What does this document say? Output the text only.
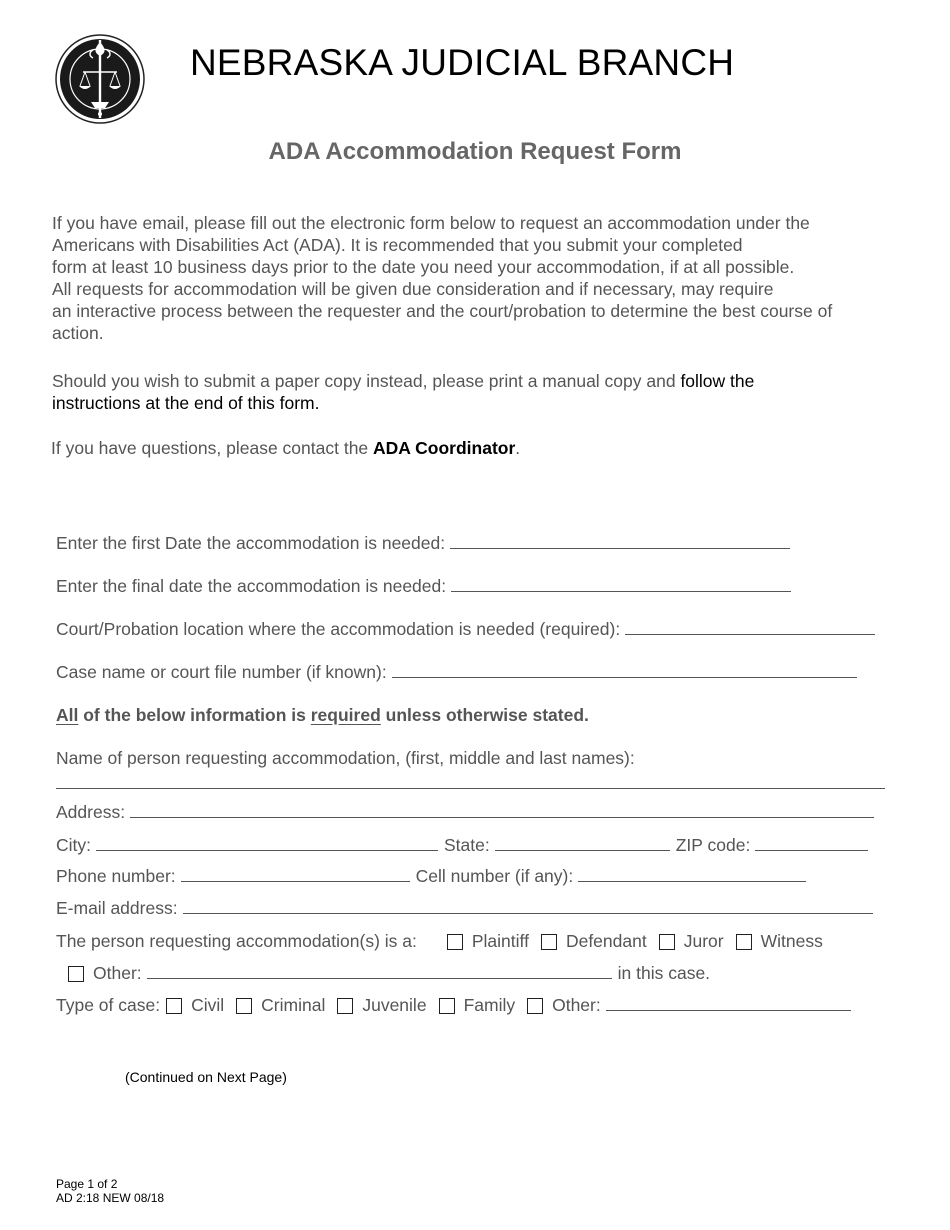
NEBRASKA JUDICIAL BRANCH
ADA Accommodation Request Form
If you have email, please fill out the electronic form below to request an accommodation under the
Americans with Disabilities Act (ADA). It is recommended that you submit your completed
form at least 10 business days prior to the date you need your accommodation, if at all possible.
All requests for accommodation will be given due consideration and if necessary, may require
an interactive process between the requester and the court/probation to determine the best course of
action.
Should you wish to submit a paper copy instead, please print a manual copy and follow the
instructions at the end of this form.
If you have questions, please contact the ADA Coordinator.
Enter the first Date the accommodation is needed:
Enter the final date the accommodation is needed:
Court/Probation location where the accommodation is needed (required):
Case name or court file number (if known):
All of the below information is required unless otherwise stated.
Name of person requesting accommodation, (first, middle and last names):
Address:
City:	State:	ZIP code:
Phone number:	Cell number (if any):
E-mail address:
The person requesting accommodation(s) is a:	Plaintiff Defendant Juror Witness
Other:	in this case.
Type of case: Civil Criminal Juvenile Family Other:
(Continued on Next Page)
Page 1 of 2
AD 2:18 NEW 08/18
